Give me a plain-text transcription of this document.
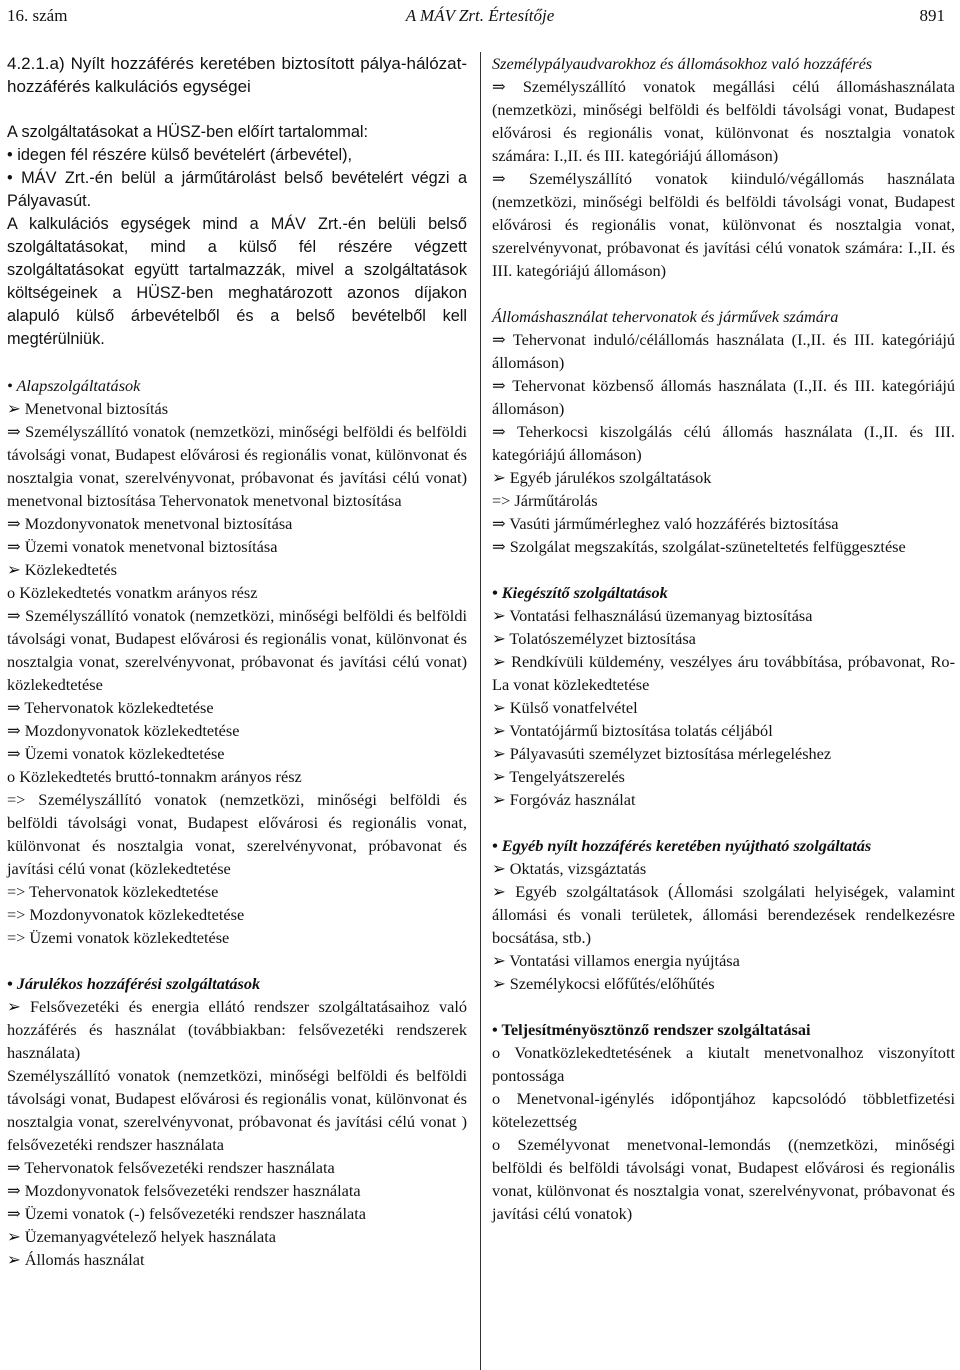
16. szám	A MÁV Zrt. Értesítője	891

4.2.1.a) Nyílt hozzáférés keretében biztosított pálya-hálózat-hozzáférés kalkulációs egységei

A szolgáltatásokat a HÜSZ-ben előírt tartalommal:

• idegen fél részére külső bevételért (árbevétel),

• MÁV Zrt.-én belül a járműtárolást belső bevételért végzi a Pályavasút.

A kalkulációs egységek mind a MÁV Zrt.-én belüli belső szolgáltatásokat, mind a külső fél részére végzett szolgáltatásokat együtt tartalmazzák, mivel a szolgáltatások költségeinek a HÜSZ-ben meghatározott azonos díjakon alapuló külső árbevételből és a belső bevételből kell megtérülniük.

• Alapszolgáltatások

➢ Menetvonal biztosítás

⇒ Személyszállító vonatok (nemzetközi, minőségi belföldi és belföldi távolsági vonat, Budapest elővárosi és regionális vonat, különvonat és nosztalgia vonat, szerelvényvonat, próbavonat és javítási célú vonat) menetvonal biztosítása Tehervonatok menetvonal biztosítása

⇒ Mozdonyvonatok menetvonal biztosítása

⇒ Üzemi vonatok menetvonal biztosítása

➢ Közlekedtetés

o Közlekedtetés vonatkm arányos rész

⇒ Személyszállító vonatok (nemzetközi, minőségi belföldi és belföldi távolsági vonat, Budapest elővárosi és regionális vonat, különvonat és nosztalgia vonat, szerelvényvonat, próbavonat és javítási célú vonat) közlekedtetése

⇒ Tehervonatok közlekedtetése

⇒ Mozdonyvonatok közlekedtetése

⇒ Üzemi vonatok közlekedtetése

o Közlekedtetés bruttó-tonnakm arányos rész

=> Személyszállító vonatok (nemzetközi, minőségi belföldi és belföldi távolsági vonat, Budapest elővárosi és regionális vonat, különvonat és nosztalgia vonat, szerelvényvonat, próbavonat és javítási célú vonat (közlekedtetése

=> Tehervonatok közlekedtetése

=> Mozdonyvonatok közlekedtetése

=> Üzemi vonatok közlekedtetése

• Járulékos hozzáférési szolgáltatások

➢ Felsővezetéki és energia ellátó rendszer szolgáltatásaihoz való hozzáférés és használat (továbbiakban: felsővezetéki rendszerek használata)

Személyszállító vonatok (nemzetközi, minőségi belföldi és belföldi távolsági vonat, Budapest elővárosi és regionális vonat, különvonat és nosztalgia vonat, szerelvényvonat, próbavonat és javítási célú vonat ) felsővezetéki rendszer használata

⇒ Tehervonatok felsővezetéki rendszer használata

⇒ Mozdonyvonatok felsővezetéki rendszer használata

⇒ Üzemi vonatok (-) felsővezetéki rendszer használata

➢ Üzemanyagvételező helyek használata

➢ Állomás használat

Személypályaudvarokhoz és állomásokhoz való hozzáférés

⇒ Személyszállító vonatok megállási célú állomáshasználata (nemzetközi, minőségi belföldi és belföldi távolsági vonat, Budapest elővárosi és regionális vonat, különvonat és nosztalgia vonatok számára: I.,II. és III. kategóriájú állomáson)

⇒ Személyszállító vonatok kiinduló/végállomás használata (nemzetközi, minőségi belföldi és belföldi távolsági vonat, Budapest elővárosi és regionális vonat, különvonat és nosztalgia vonat, szerelvényvonat, próbavonat és javítási célú vonatok számára: I.,II. és III. kategóriájú állomáson)

Állomáshasználat tehervonatok és járművek számára

⇒ Tehervonat induló/célállomás használata (I.,II. és III. kategóriájú állomáson)

⇒ Tehervonat közbenső állomás használata (I.,II. és III. kategóriájú állomáson)

⇒ Teherkocsi kiszolgálás célú állomás használata (I.,II. és III. kategóriájú állomáson)

➢ Egyéb járulékos szolgáltatások

=> Járműtárolás

⇒ Vasúti járműmérleghez való hozzáférés biztosítása

⇒ Szolgálat megszakítás, szolgálat-szüneteltetés felfüggesztése

• Kiegészítő szolgáltatások

➢ Vontatási felhasználású üzemanyag biztosítása

➢ Tolatószemélyzet biztosítása

➢ Rendkívüli küldemény, veszélyes áru továbbítása, próbavonat, Ro-La vonat közlekedtetése

➢ Külső vonatfelvétel

➢ Vontatójármű biztosítása tolatás céljából

➢ Pályavasúti személyzet biztosítása mérlegeléshez

➢ Tengelyátszerelés

➢ Forgóváz használat

• Egyéb nyílt hozzáférés keretében nyújtható szolgáltatás

➢ Oktatás, vizsgáztatás

➢ Egyéb szolgáltatások (Állomási szolgálati helyiségek, valamint állomási és vonali területek, állomási berendezések rendelkezésre bocsátása, stb.)

➢ Vontatási villamos energia nyújtása

➢ Személykocsi előfűtés/előhűtés

• Teljesítményösztönző rendszer szolgáltatásai

o Vonatközlekedtetésének a kiutalt menetvonalhoz viszonyított pontossága

o Menetvonal-igénylés időpontjához kapcsolódó többletfizetési kötelezettség

o Személyvonat menetvonal-lemondás ((nemzetközi, minőségi belföldi és belföldi távolsági vonat, Budapest elővárosi és regionális vonat, különvonat és nosztalgia vonat, szerelvényvonat, próbavonat és javítási célú vonatok)
